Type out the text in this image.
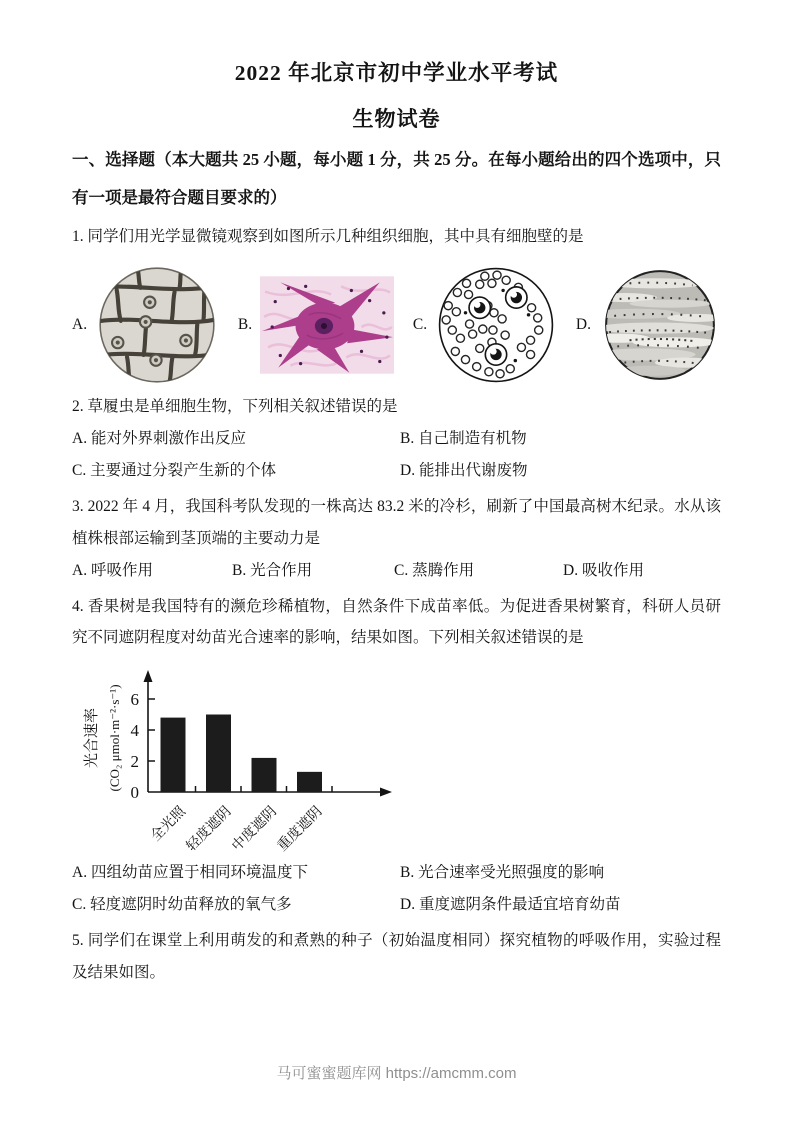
2022 年北京市初中学业水平考试
生物试卷

一、选择题（本大题共 25 小题，每小题 1 分，共 25 分。在每小题给出的四个选项中，只有一项是最符合题目要求的）

1. 同学们用光学显微镜观察到如图所示几种组织细胞，其中具有细胞壁的是

A.	B.	C.	D.

2. 草履虫是单细胞生物，下列相关叙述错误的是

A. 能对外界刺激作出反应	B. 自己制造有机物
C. 主要通过分裂产生新的个体	D. 能排出代谢废物

3. 2022 年 4 月，我国科考队发现的一株高达 83.2 米的冷杉，刷新了中国最高树木纪录。水从该植株根部运输到茎顶端的主要动力是

A. 呼吸作用	B. 光合作用	C. 蒸腾作用	D. 吸收作用

4. 香果树是我国特有的濒危珍稀植物，自然条件下成苗率低。为促进香果树繁育，科研人员研究不同遮阴程度对幼苗光合速率的影响，结果如图。下列相关叙述错误的是

光合速率 (CO₂ μmol·m⁻²·s⁻¹)
0
2
4
6
全光照
轻度遮阴
中度遮阴
重度遮阴
A. 四组幼苗应置于相同环境温度下	B. 光合速率受光照强度的影响
C. 轻度遮阴时幼苗释放的氧气多	D. 重度遮阴条件最适宜培育幼苗

5. 同学们在课堂上利用萌发的和煮熟的种子（初始温度相同）探究植物的呼吸作用，实验过程及结果如图。

马可蜜蜜题库网 https://amcmm.com
